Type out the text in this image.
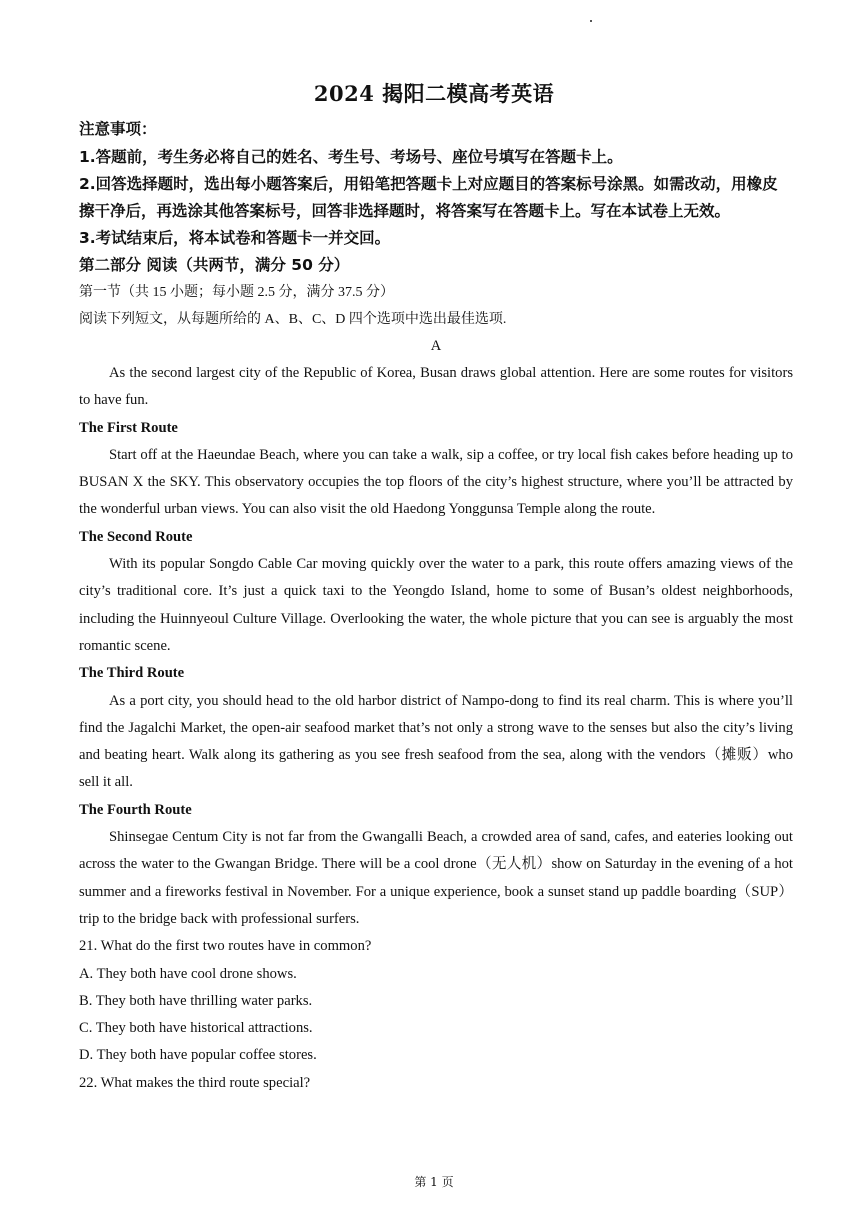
2024 揭阳二模高考英语
注意事项：

1.答题前，考生务必将自己的姓名、考生号、考场号、座位号填写在答题卡上。

2.回答选择题时，选出每小题答案后，用铅笔把答题卡上对应题目的答案标号涂黑。如需改动，用橡皮擦干净后，再选涂其他答案标号，回答非选择题时，将答案写在答题卡上。写在本试卷上无效。

3.考试结束后，将本试卷和答题卡一并交回。

第二部分 阅读（共两节，满分 50 分）
第一节（共 15 小题；每小题 2.5 分，满分 37.5 分）
阅读下列短文，从每题所给的 A、B、C、D 四个选项中选出最佳选项.
A

As the second largest city of the Republic of Korea, Busan draws global attention. Here are some routes for visitors to have fun.

The First Route

Start off at the Haeundae Beach, where you can take a walk, sip a coffee, or try local fish cakes before heading up to BUSAN X the SKY. This observatory occupies the top floors of the city’s highest structure, where you’ll be attracted by the wonderful urban views. You can also visit the old Haedong Yonggunsa Temple along the route.

The Second Route

With its popular Songdo Cable Car moving quickly over the water to a park, this route offers amazing views of the city’s traditional core. It’s just a quick taxi to the Yeongdo Island, home to some of Busan’s oldest neighborhoods, including the Huinnyeoul Culture Village. Overlooking the water, the whole picture that you can see is arguably the most romantic scene.

The Third Route

As a port city, you should head to the old harbor district of Nampo-dong to find its real charm. This is where you’ll find the Jagalchi Market, the open-air seafood market that’s not only a strong wave to the senses but also the city’s living and beating heart. Walk along its gathering as you see fresh seafood from the sea, along with the vendors（摊贩）who sell it all.

The Fourth Route

Shinsegae Centum City is not far from the Gwangalli Beach, a crowded area of sand, cafes, and eateries looking out across the water to the Gwangan Bridge. There will be a cool drone（无人机）show on Saturday in the evening of a hot summer and a fireworks festival in November. For a unique experience, book a sunset stand up paddle boarding（SUP）trip to the bridge back with professional surfers.

21. What do the first two routes have in common?
A. They both have cool drone shows.
B. They both have thrilling water parks.
C. They both have historical attractions.
D. They both have popular coffee stores.
22. What makes the third route special?
第 1 页
